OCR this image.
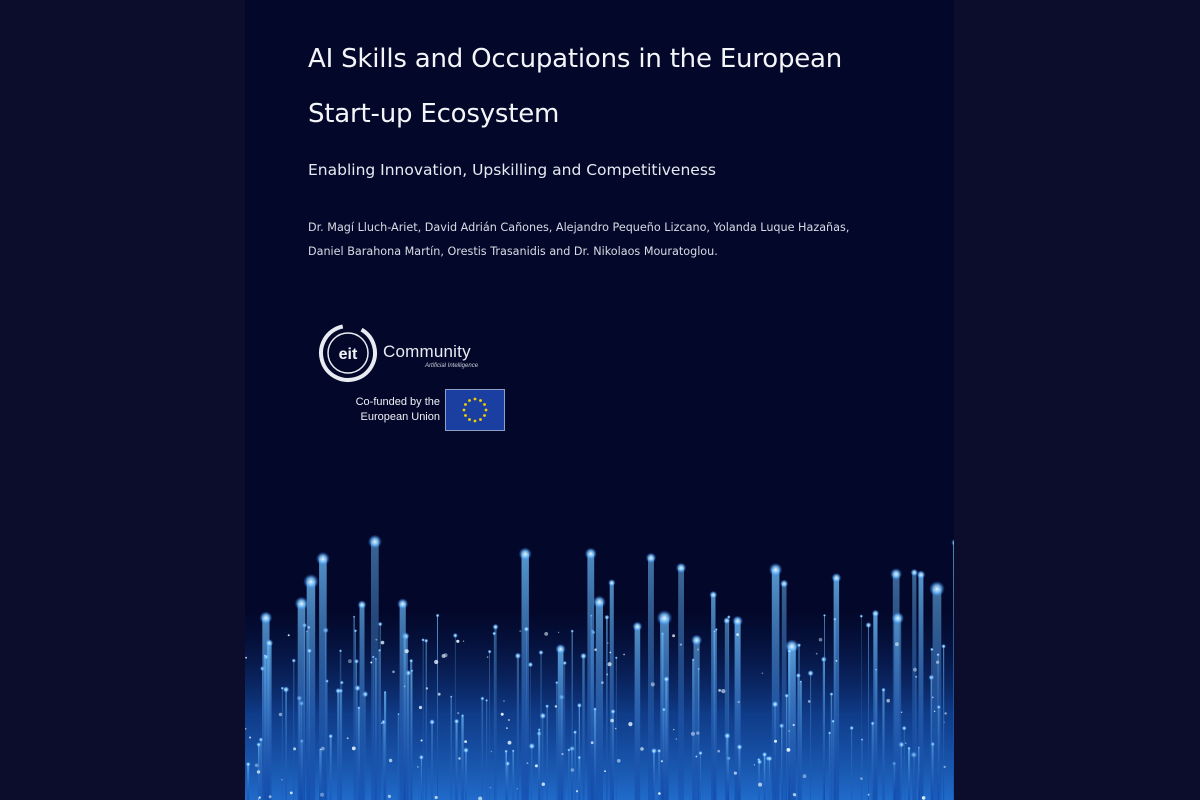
AI Skills and Occupations in the European
Start-up Ecosystem

Enabling Innovation, Upskilling and Competitiveness

Dr. Magí Lluch-Ariet, David Adrián Cañones, Alejandro Pequeño Lizcano, Yolanda Luque Hazañas,
Daniel Barahona Martín, Orestis Trasanidis and Dr. Nikolaos Mouratoglou.

eit Community
Artificial Intelligence
Co-funded by the
European Union
